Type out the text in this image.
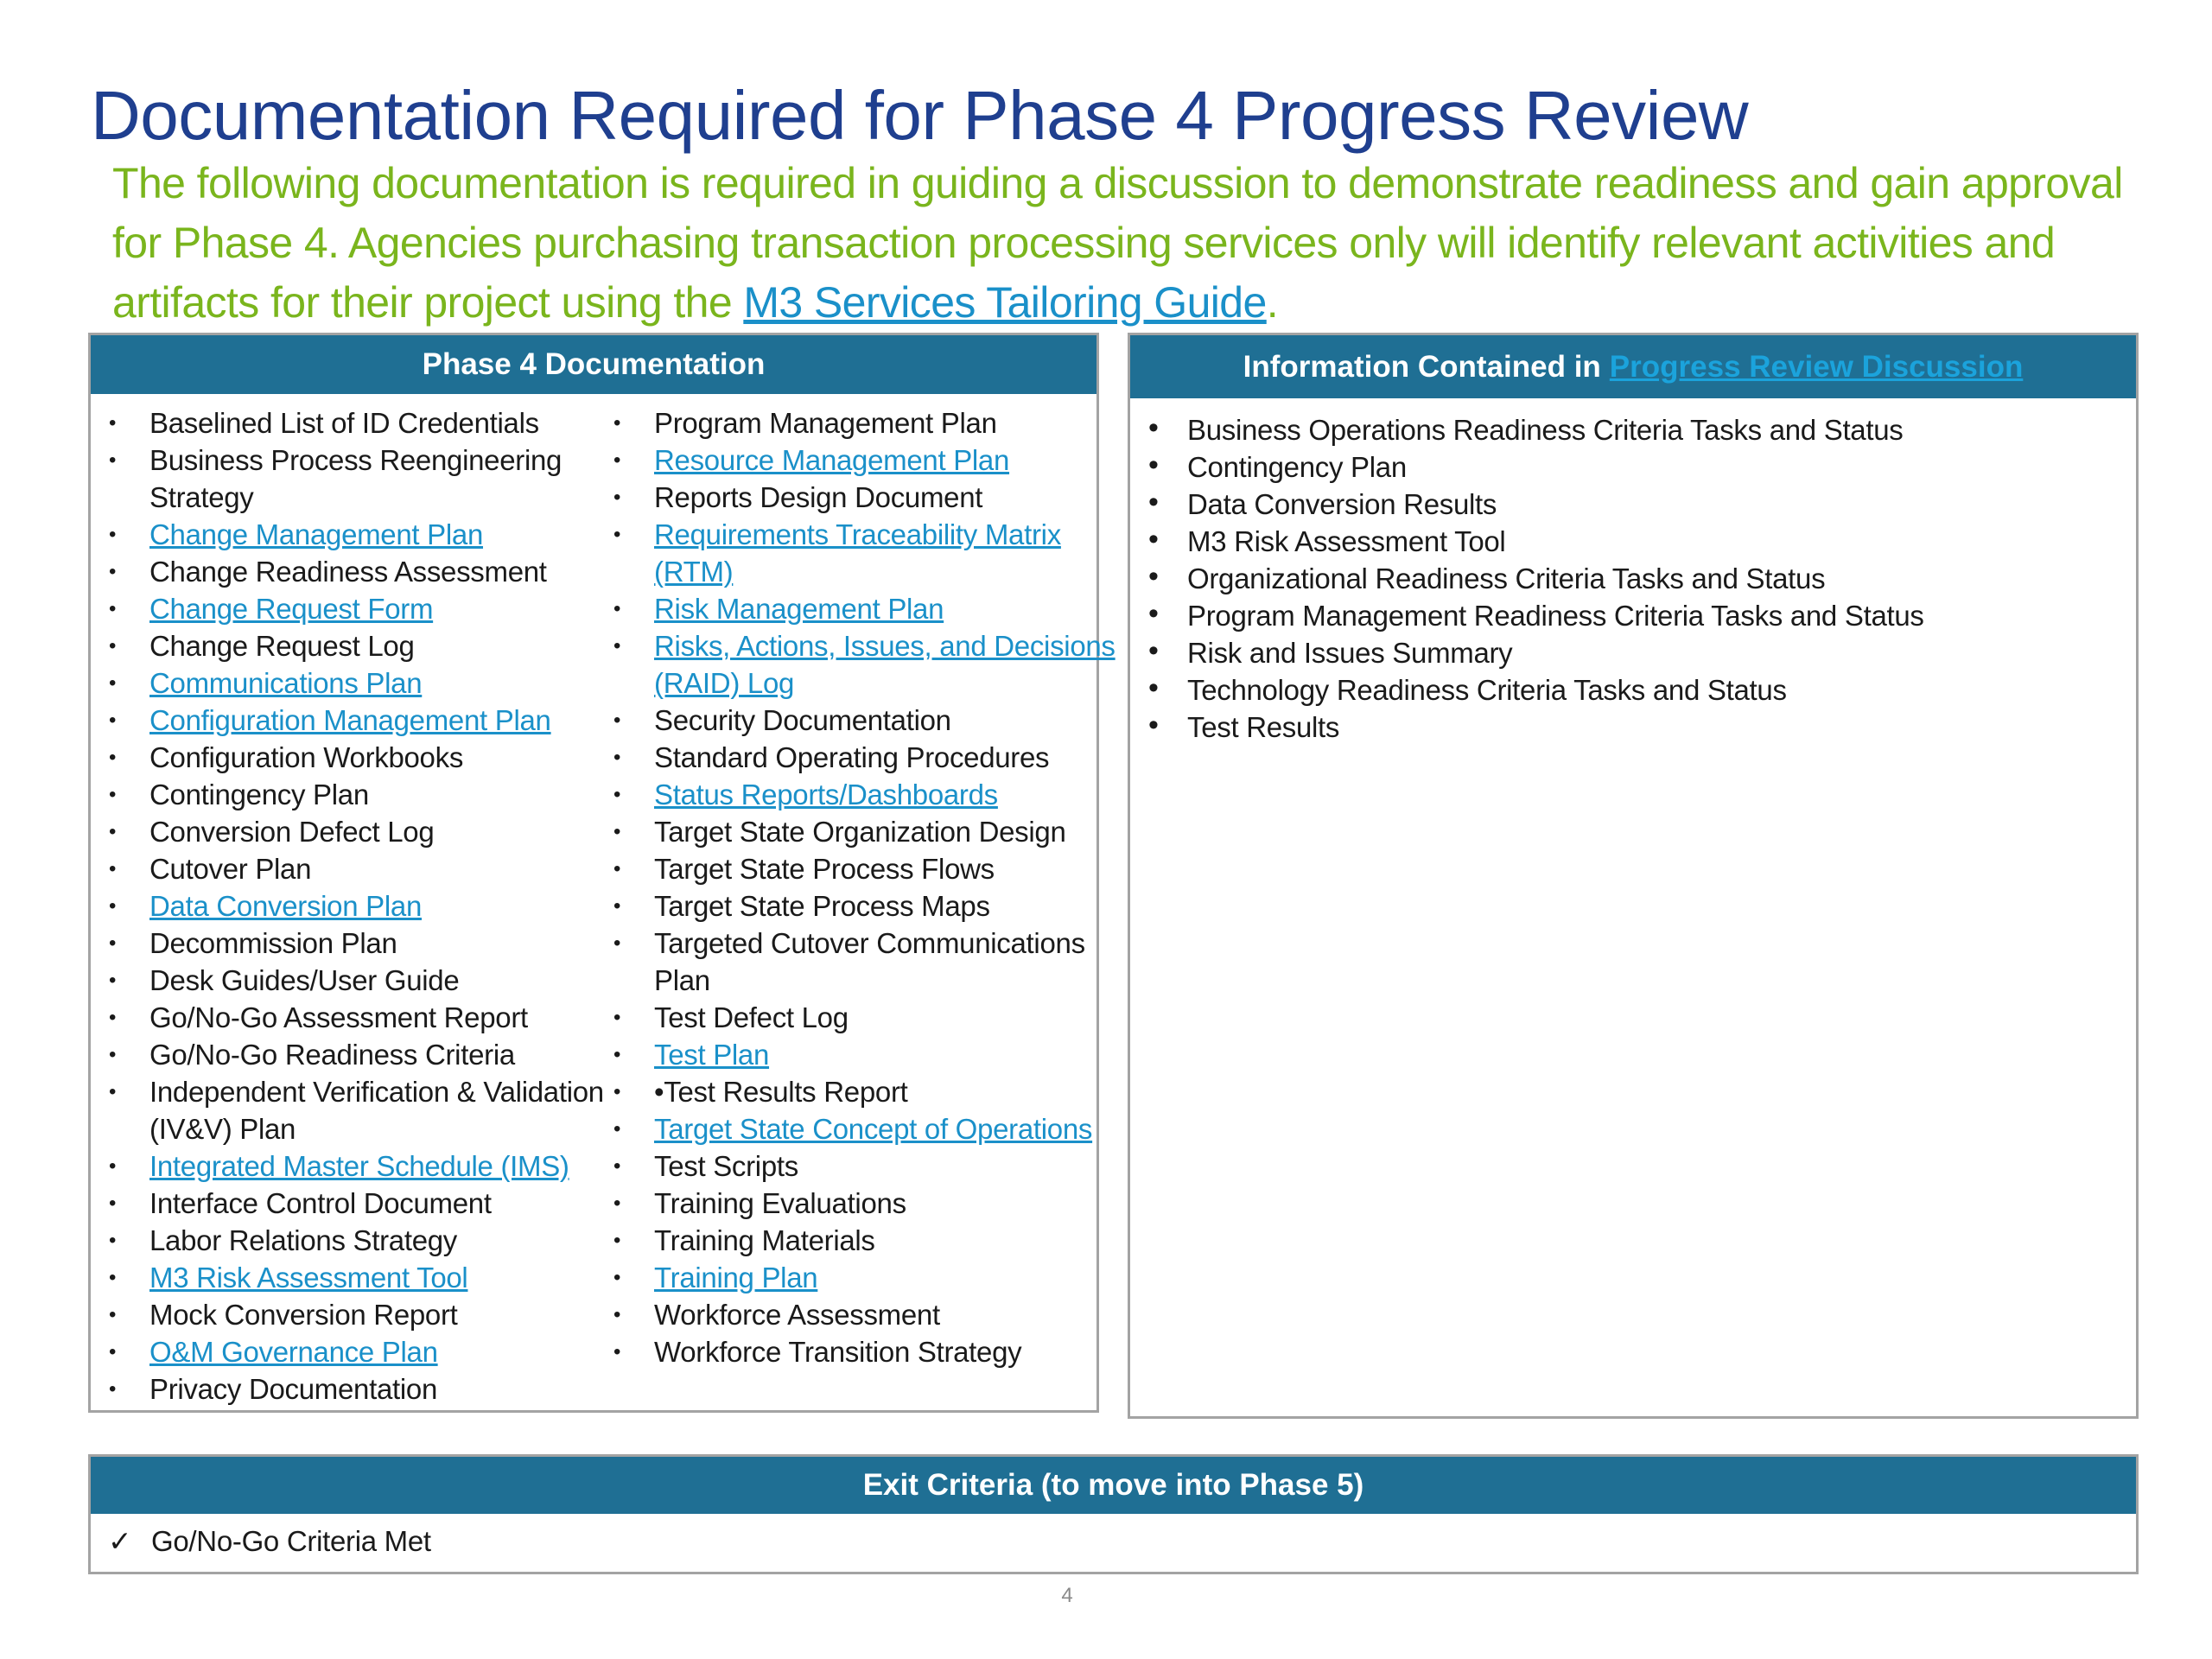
Documentation Required for Phase 4 Progress Review
The following documentation is required in guiding a discussion to demonstrate readiness and gain approval for Phase 4. Agencies purchasing transaction processing services only will identify relevant activities and artifacts for their project using the M3 Services Tailoring Guide.
Phase 4 Documentation
• Baselined List of ID Credentials
• Business Process Reengineering
Strategy
• Change Management Plan
• Change Readiness Assessment
• Change Request Form
• Change Request Log
• Communications Plan
• Configuration Management Plan
• Configuration Workbooks
• Contingency Plan
• Conversion Defect Log
• Cutover Plan
• Data Conversion Plan
• Decommission Plan
• Desk Guides/User Guide
• Go/No-Go Assessment Report
• Go/No-Go Readiness Criteria
• Independent Verification & Validation
(IV&V) Plan
• Integrated Master Schedule (IMS)
• Interface Control Document
• Labor Relations Strategy
• M3 Risk Assessment Tool
• Mock Conversion Report
• O&M Governance Plan
• Privacy Documentation
• Program Management Plan
• Resource Management Plan
• Reports Design Document
• Requirements Traceability Matrix
(RTM)
• Risk Management Plan
• Risks, Actions, Issues, and Decisions
(RAID) Log
• Security Documentation
• Standard Operating Procedures
• Status Reports/Dashboards
• Target State Organization Design
• Target State Process Flows
• Target State Process Maps
• Targeted Cutover Communications
Plan
• Test Defect Log
• Test Plan
• •Test Results Report
• Target State Concept of Operations
• Test Scripts
• Training Evaluations
• Training Materials
• Training Plan
• Workforce Assessment
• Workforce Transition Strategy
Information Contained in Progress Review Discussion
• Business Operations Readiness Criteria Tasks and Status
• Contingency Plan
• Data Conversion Results
• M3 Risk Assessment Tool
• Organizational Readiness Criteria Tasks and Status
• Program Management Readiness Criteria Tasks and Status
• Risk and Issues Summary
• Technology Readiness Criteria Tasks and Status
• Test Results
Exit Criteria (to move into Phase 5)
✓ Go/No-Go Criteria Met
4
